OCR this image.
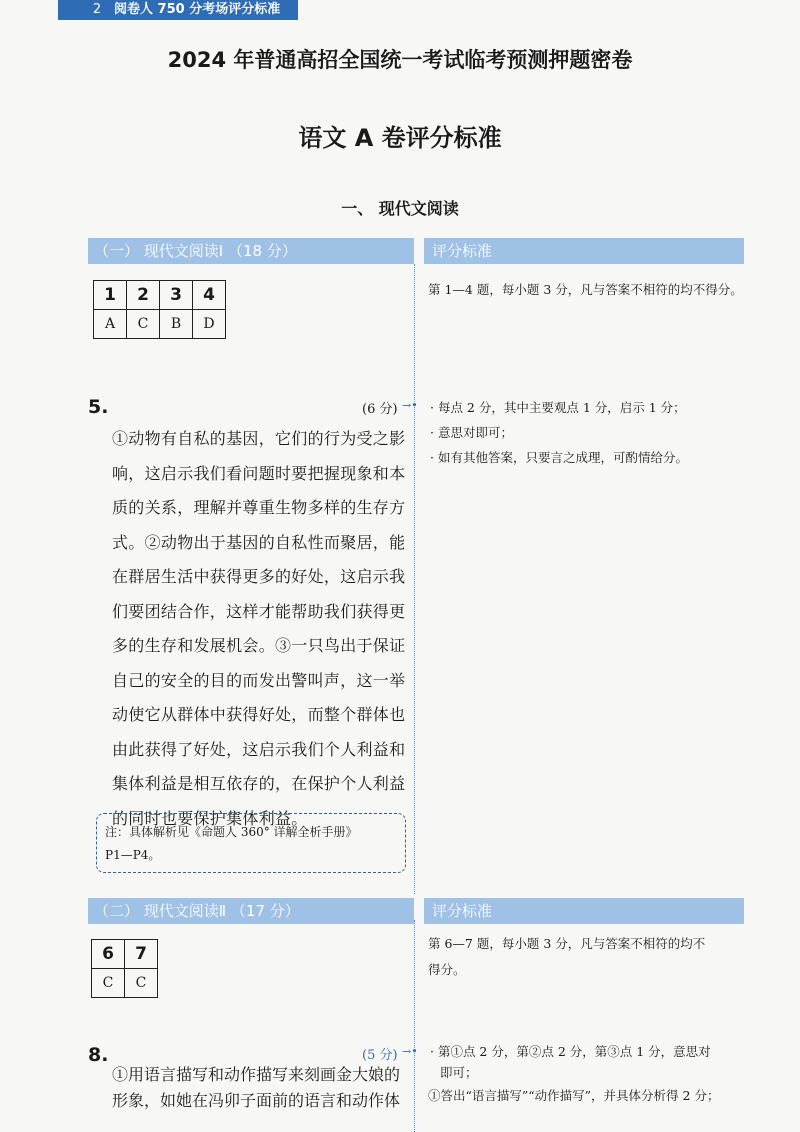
2 阅卷人 750 分考场评分标准
2024 年普通高招全国统一考试临考预测押题密卷
语文 A 卷评分标准
一、 现代文阅读
（一） 现代文阅读Ⅰ （18 分）	评分标准
1	2	3	4
A	C	B	D
第 1—4 题，每小题 3 分，凡与答案不相符的均不得分。
5.	(6 分) →•
①动物有自私的基因，它们的行为受之影
响，这启示我们看问题时要把握现象和本
质的关系，理解并尊重生物多样的生存方
式。②动物出于基因的自私性而聚居，能
在群居生活中获得更多的好处，这启示我
们要团结合作，这样才能帮助我们获得更
多的生存和发展机会。③一只鸟出于保证
自己的安全的目的而发出警叫声，这一举
动使它从群体中获得好处，而整个群体也
由此获得了好处，这启示我们个人利益和
集体利益是相互依存的，在保护个人利益
的同时也要保护集体利益。
注：具体解析见《命题人 360° 详解全析手册》
P1—P4。
· 每点 2 分，其中主要观点 1 分，启示 1 分；
· 意思对即可；
· 如有其他答案，只要言之成理，可酌情给分。
（二） 现代文阅读Ⅱ （17 分）	评分标准
6	7
C	C
第 6—7 题，每小题 3 分，凡与答案不相符的均不
得分。
8.	(5 分) →•
①用语言描写和动作描写来刻画金大娘的
形象，如她在冯卯子面前的语言和动作体
· 第①点 2 分，第②点 2 分，第③点 1 分，意思对
即可；
①答出“语言描写”“动作描写”，并具体分析得 2 分；
